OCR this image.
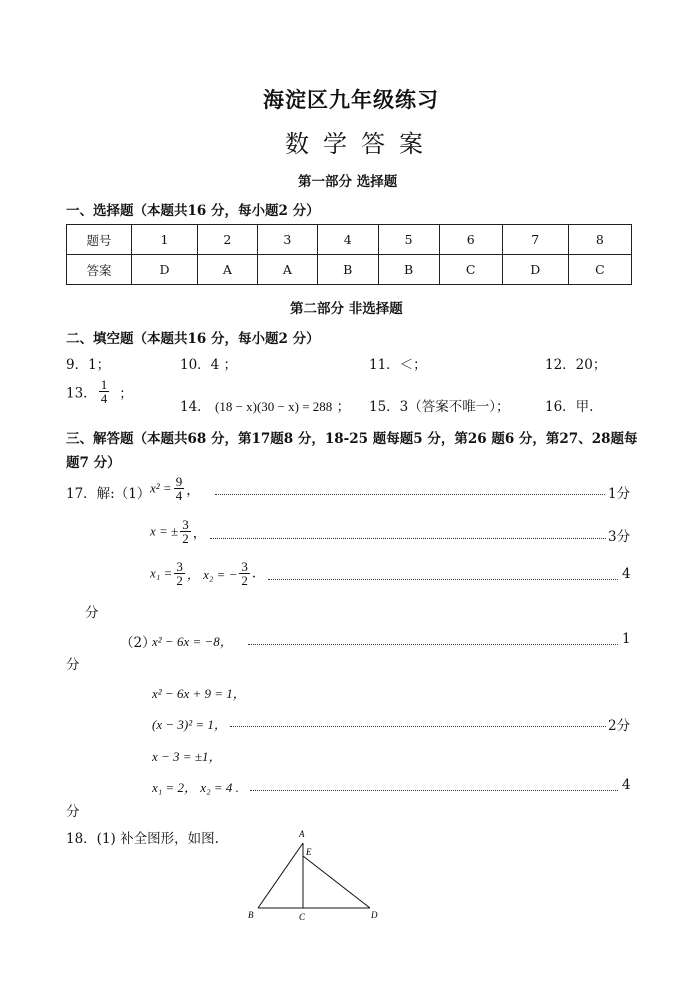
海淀区九年级练习
数学答案
第一部分 选择题
一、选择题（本题共16 分，每小题2 分）
题号	1	2	3	4	5	6	7	8
答案	D	A	A	B	B	C	D	C
第二部分 非选择题
二、填空题（本题共16 分，每小题2 分）
9．1；	10．4 ；	11．＜；	12．20；
13． $\frac{1}{4}$ ；
14． (18 − x)(30 − x) = 288 ； 15．3（答案不唯一）；	16．甲.
三、解答题（本题共68 分，第17题8 分，18-25 题每题5 分，第26 题6 分，第27、28题每
题7 分）
17．解:（1） $x^2 = \frac{9}{4}$ ，	1分
x = ± $\frac{3}{2}$ ，	3分
$x_1 = \frac{3}{2}$ ， x₂ = − $\frac{3}{2}$ .	4
分
（2）
x² − 6x = −8，	1
分
x² − 6x + 9 = 1，
(x − 3)² = 1，	2分
x − 3 = ±1，
x₁ = 2， x₂ = 4 .	4
分
18．(1) 补全图形，如图.	A
E
B	C	D
